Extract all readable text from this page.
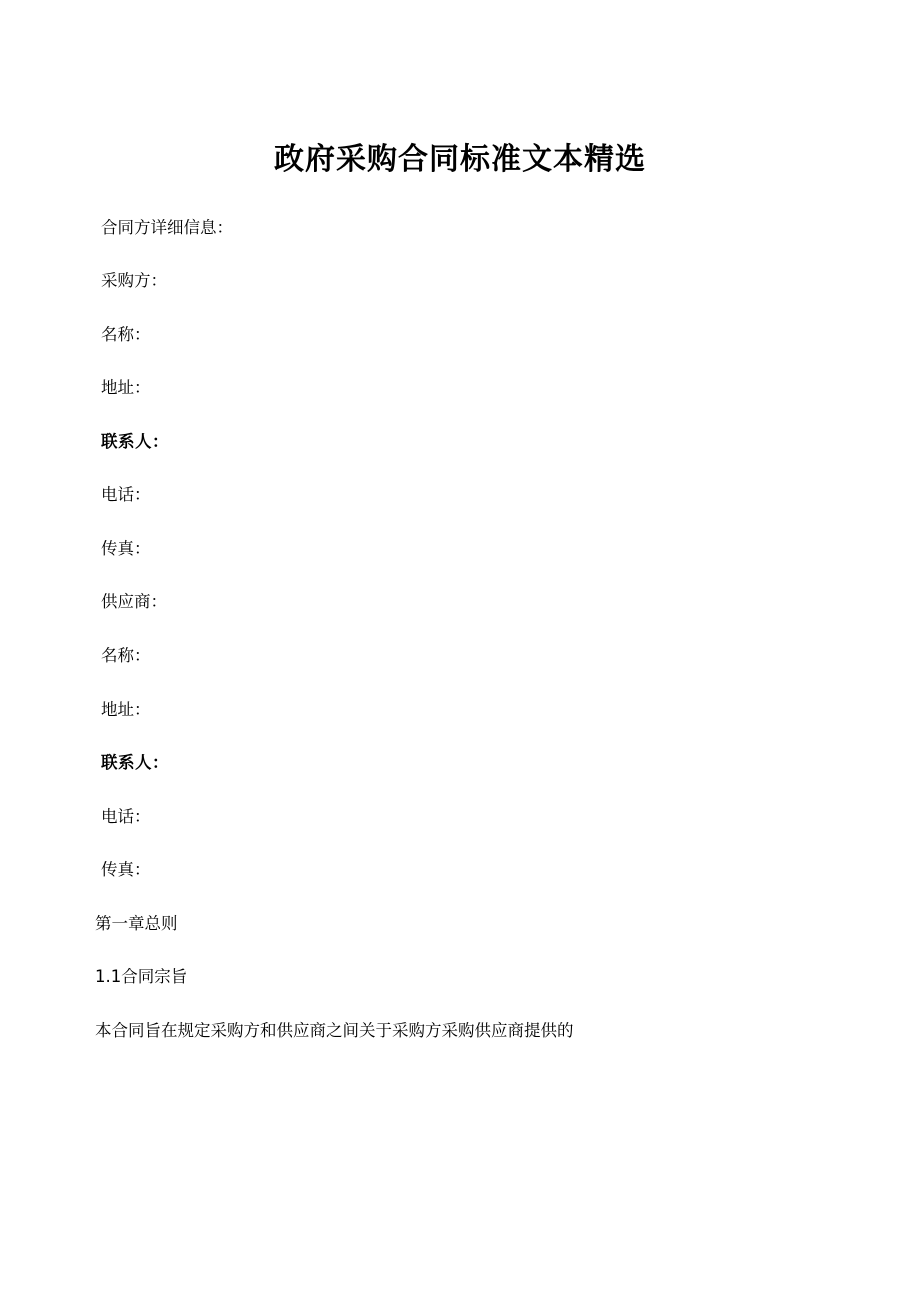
政府采购合同标准文本精选

合同方详细信息：

采购方：

名称：

地址：

联系人：

电话：

传真：

供应商：

名称：

地址：

联系人：

电话：

传真：

第一章总则

1.1合同宗旨

本合同旨在规定采购方和供应商之间关于采购方采购供应商提供的
